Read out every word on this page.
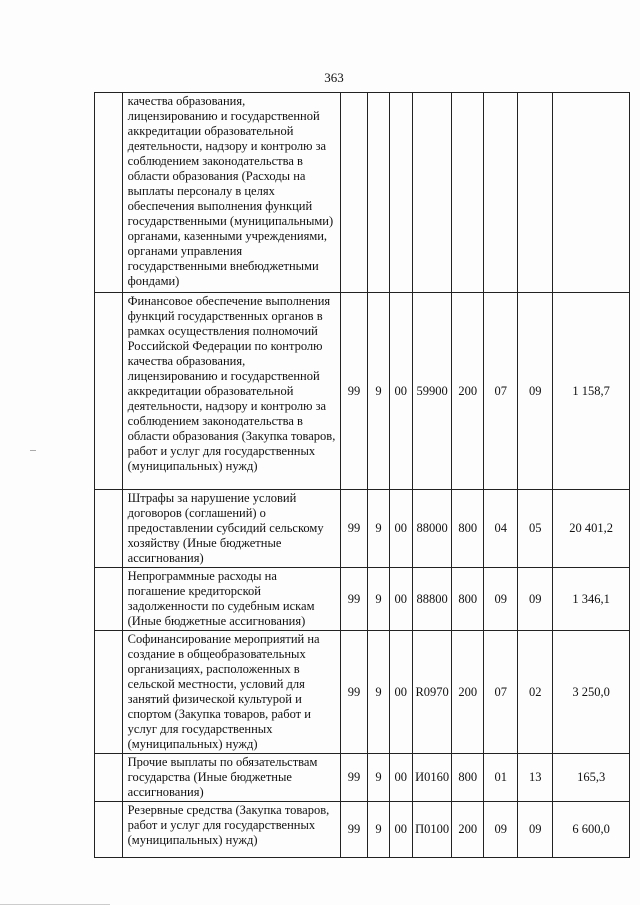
363
	качества образования, лицензированию и государственной аккредитации образовательной деятельности, надзору и контролю за соблюдением законодательства в области образования (Расходы на выплаты персоналу в целях обеспечения выполнения функций государственными (муниципальными) органами, казенными учреждениями, органами управления государственными внебюджетными фондами)								
	Финансовое обеспечение выполнения функций государственных органов в рамках осуществления полномочий Российской Федерации по контролю качества образования, лицензированию и государственной аккредитации образовательной деятельности, надзору и контролю за соблюдением законодательства в области образования (Закупка товаров, работ и услуг для государственных (муниципальных) нужд)	99	9	00	59900	200	07	09	1 158,7
	Штрафы за нарушение условий договоров (соглашений) о предоставлении субсидий сельскому хозяйству (Иные бюджетные ассигнования)	99	9	00	88000	800	04	05	20 401,2
	Непрограммные расходы на погашение кредиторской задолженности по судебным искам (Иные бюджетные ассигнования)	99	9	00	88800	800	09	09	1 346,1
	Софинансирование мероприятий на создание в общеобразовательных организациях, расположенных в сельской местности, условий для занятий физической культурой и спортом (Закупка товаров, работ и услуг для государственных (муниципальных) нужд)	99	9	00	R0970	200	07	02	3 250,0
	Прочие выплаты по обязательствам государства (Иные бюджетные ассигнования)	99	9	00	И0160	800	01	13	165,3
	Резервные средства (Закупка товаров, работ и услуг для государственных (муниципальных) нужд)	99	9	00	П0100	200	09	09	6 600,0
